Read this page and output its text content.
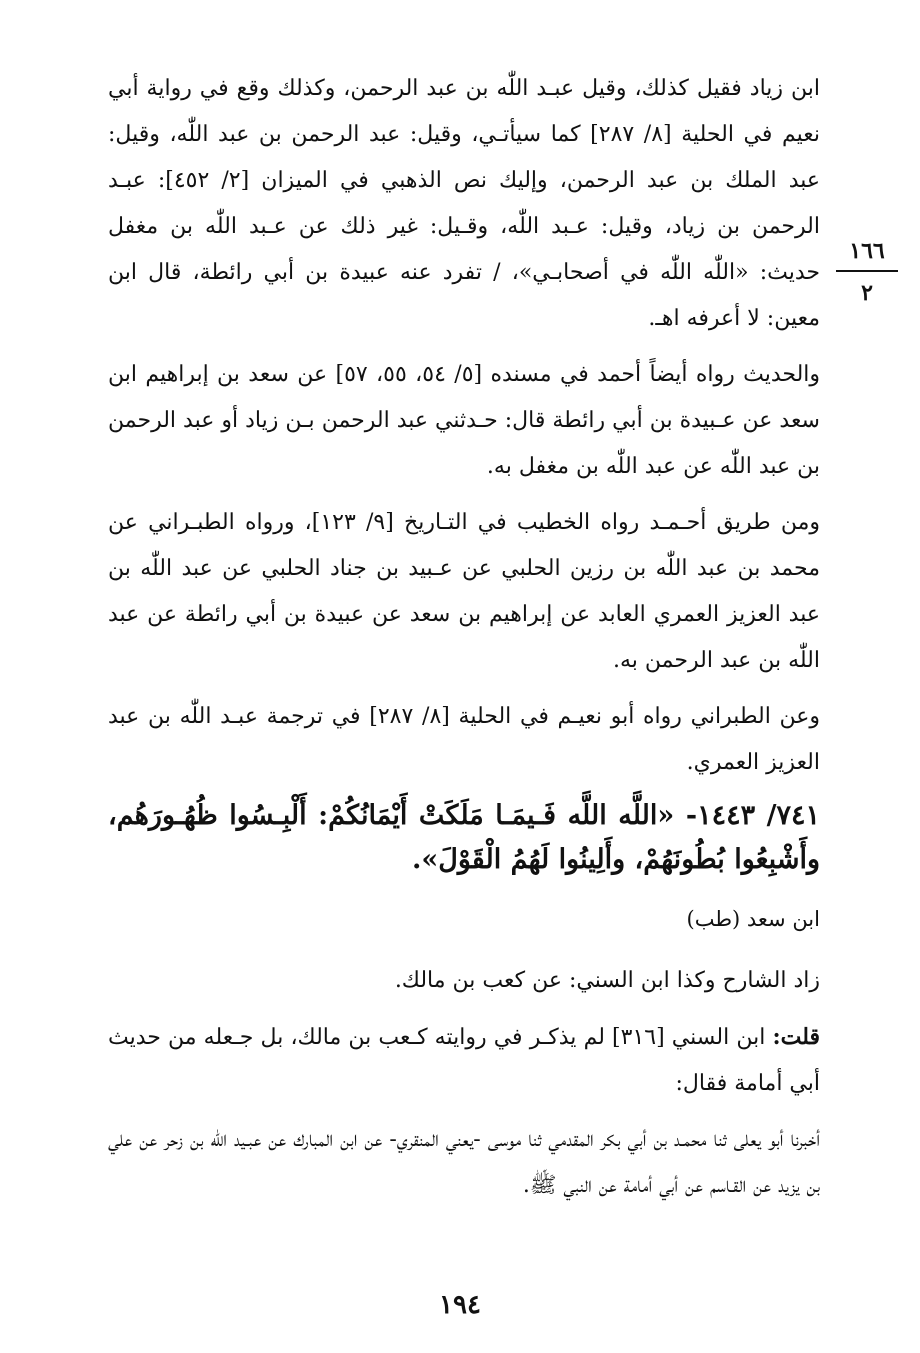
١٦٦
٢

ابن زياد فقيل كذلك، وقيل عبـد اللّٰه بن عبد الرحمن، وكذلك وقع في رواية أبي نعيم في الحلية [٨/ ٢٨٧] كما سيأتـي، وقيل: عبد الرحمن بن عبد اللّٰه، وقيل: عبد الملك بن عبد الرحمن، وإليك نص الذهبي في الميزان [٢/ ٤٥٢]: عبـد الرحمن بن زياد، وقيل: عـبد اللّٰه، وقـيل: غير ذلك عن عـبد اللّٰه بن مغفل حديث: «اللّٰه اللّٰه في أصحابـي»، / تفرد عنه عبيدة بن أبي رائطة، قال ابن معين: لا أعرفه اهـ.

والحديث رواه أيضاً أحمد في مسنده [٥/ ٥٤، ٥٥، ٥٧] عن سعد بن إبراهيم ابن سعد عن عـبيدة بن أبي رائطة قال: حـدثني عبد الرحمن بـن زياد أو عبد الرحمن بن عبد اللّٰه عن عبد اللّٰه بن مغفل به.

ومن طريق أحـمـد رواه الخطيب في التـاريخ [٩/ ١٢٣]، ورواه الطبـراني عن محمد بن عبد اللّٰه بن رزين الحلبي عن عـبيد بن جناد الحلبي عن عبد اللّٰه بن عبد العزيز العمري العابد عن إبراهيم بن سعد عن عبيدة بن أبي رائطة عن عبد اللّٰه بن عبد الرحمن به.

وعن الطبراني رواه أبو نعيـم في الحلية [٨/ ٢٨٧] في ترجمة عبـد اللّٰه بن عبد العزيز العمري.

٧٤١/ ١٤٤٣- «اللَّه اللَّه فَـيمَـا مَلَكَتْ أَيْمَانُكُمْ: أَلْبِـسُوا ظُهُـورَهُم، وأَشْبِعُوا بُطُونَهُمْ، وأَلِينُوا لَهُمُ الْقَوْلَ».

ابن سعد (طب)

زاد الشارح وكذا ابن السني: عن كعب بن مالك.

قلت: ابن السني [٣١٦] لم يذكـر في روايته كـعب بن مالك، بل جـعله من حديث أبي أمامة فقال:

أخبرنا أبو يعلى ثنا محمـد بن أبي بكر المقدمي ثنا موسى -يعني المنقري- عن ابن المبارك عن عبـيد اللّٰه بن زحر عن علي بن يزيد عن القـاسم عن أبي أمامة عن النبي ﷺ.

١٩٤
